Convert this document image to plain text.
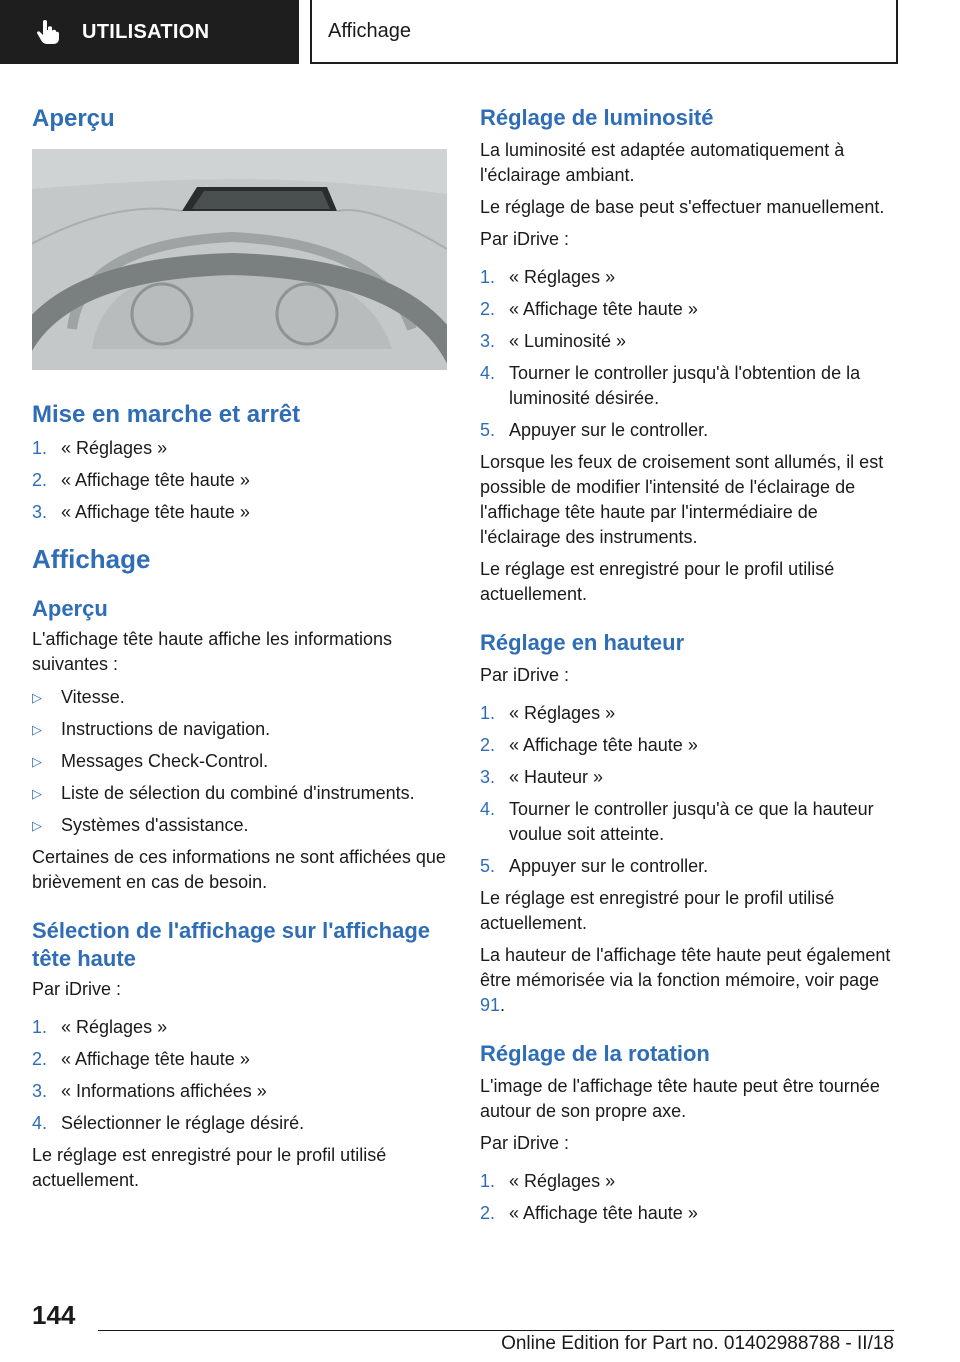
UTILISATION	Affichage
Aperçu
Mise en marche et arrêt
1. « Réglages »
2. « Affichage tête haute »
3. « Affichage tête haute »
Affichage
Aperçu

L'affichage tête haute affiche les informations suivantes :

▷	Vitesse.
▷	Instructions de navigation.
▷	Messages Check-Control.
▷	Liste de sélection du combiné d'instruments.
▷	Systèmes d'assistance.

Certaines de ces informations ne sont affichées que brièvement en cas de besoin.

Sélection de l'affichage sur l'affichage tête haute

Par iDrive :

1. « Réglages »
2. « Affichage tête haute »
3. « Informations affichées »
4. Sélectionner le réglage désiré.

Le réglage est enregistré pour le profil utilisé actuellement.

Réglage de luminosité

La luminosité est adaptée automatiquement à l'éclairage ambiant.

Le réglage de base peut s'effectuer manuellement.

Par iDrive :

1. « Réglages »
2. « Affichage tête haute »
3. « Luminosité »
4. Tourner le controller jusqu'à l'obtention de la luminosité désirée.
5. Appuyer sur le controller.

Lorsque les feux de croisement sont allumés, il est possible de modifier l'intensité de l'éclairage de l'affichage tête haute par l'intermédiaire de l'éclairage des instruments.

Le réglage est enregistré pour le profil utilisé actuellement.

Réglage en hauteur

Par iDrive :

1. « Réglages »
2. « Affichage tête haute »
3. « Hauteur »
4. Tourner le controller jusqu'à ce que la hauteur voulue soit atteinte.
5. Appuyer sur le controller.

Le réglage est enregistré pour le profil utilisé actuellement.

La hauteur de l'affichage tête haute peut également être mémorisée via la fonction mémoire, voir page 91.

Réglage de la rotation

L'image de l'affichage tête haute peut être tournée autour de son propre axe.

Par iDrive :

1. « Réglages »
2. « Affichage tête haute »
144
Online Edition for Part no. 01402988788 - II/18
